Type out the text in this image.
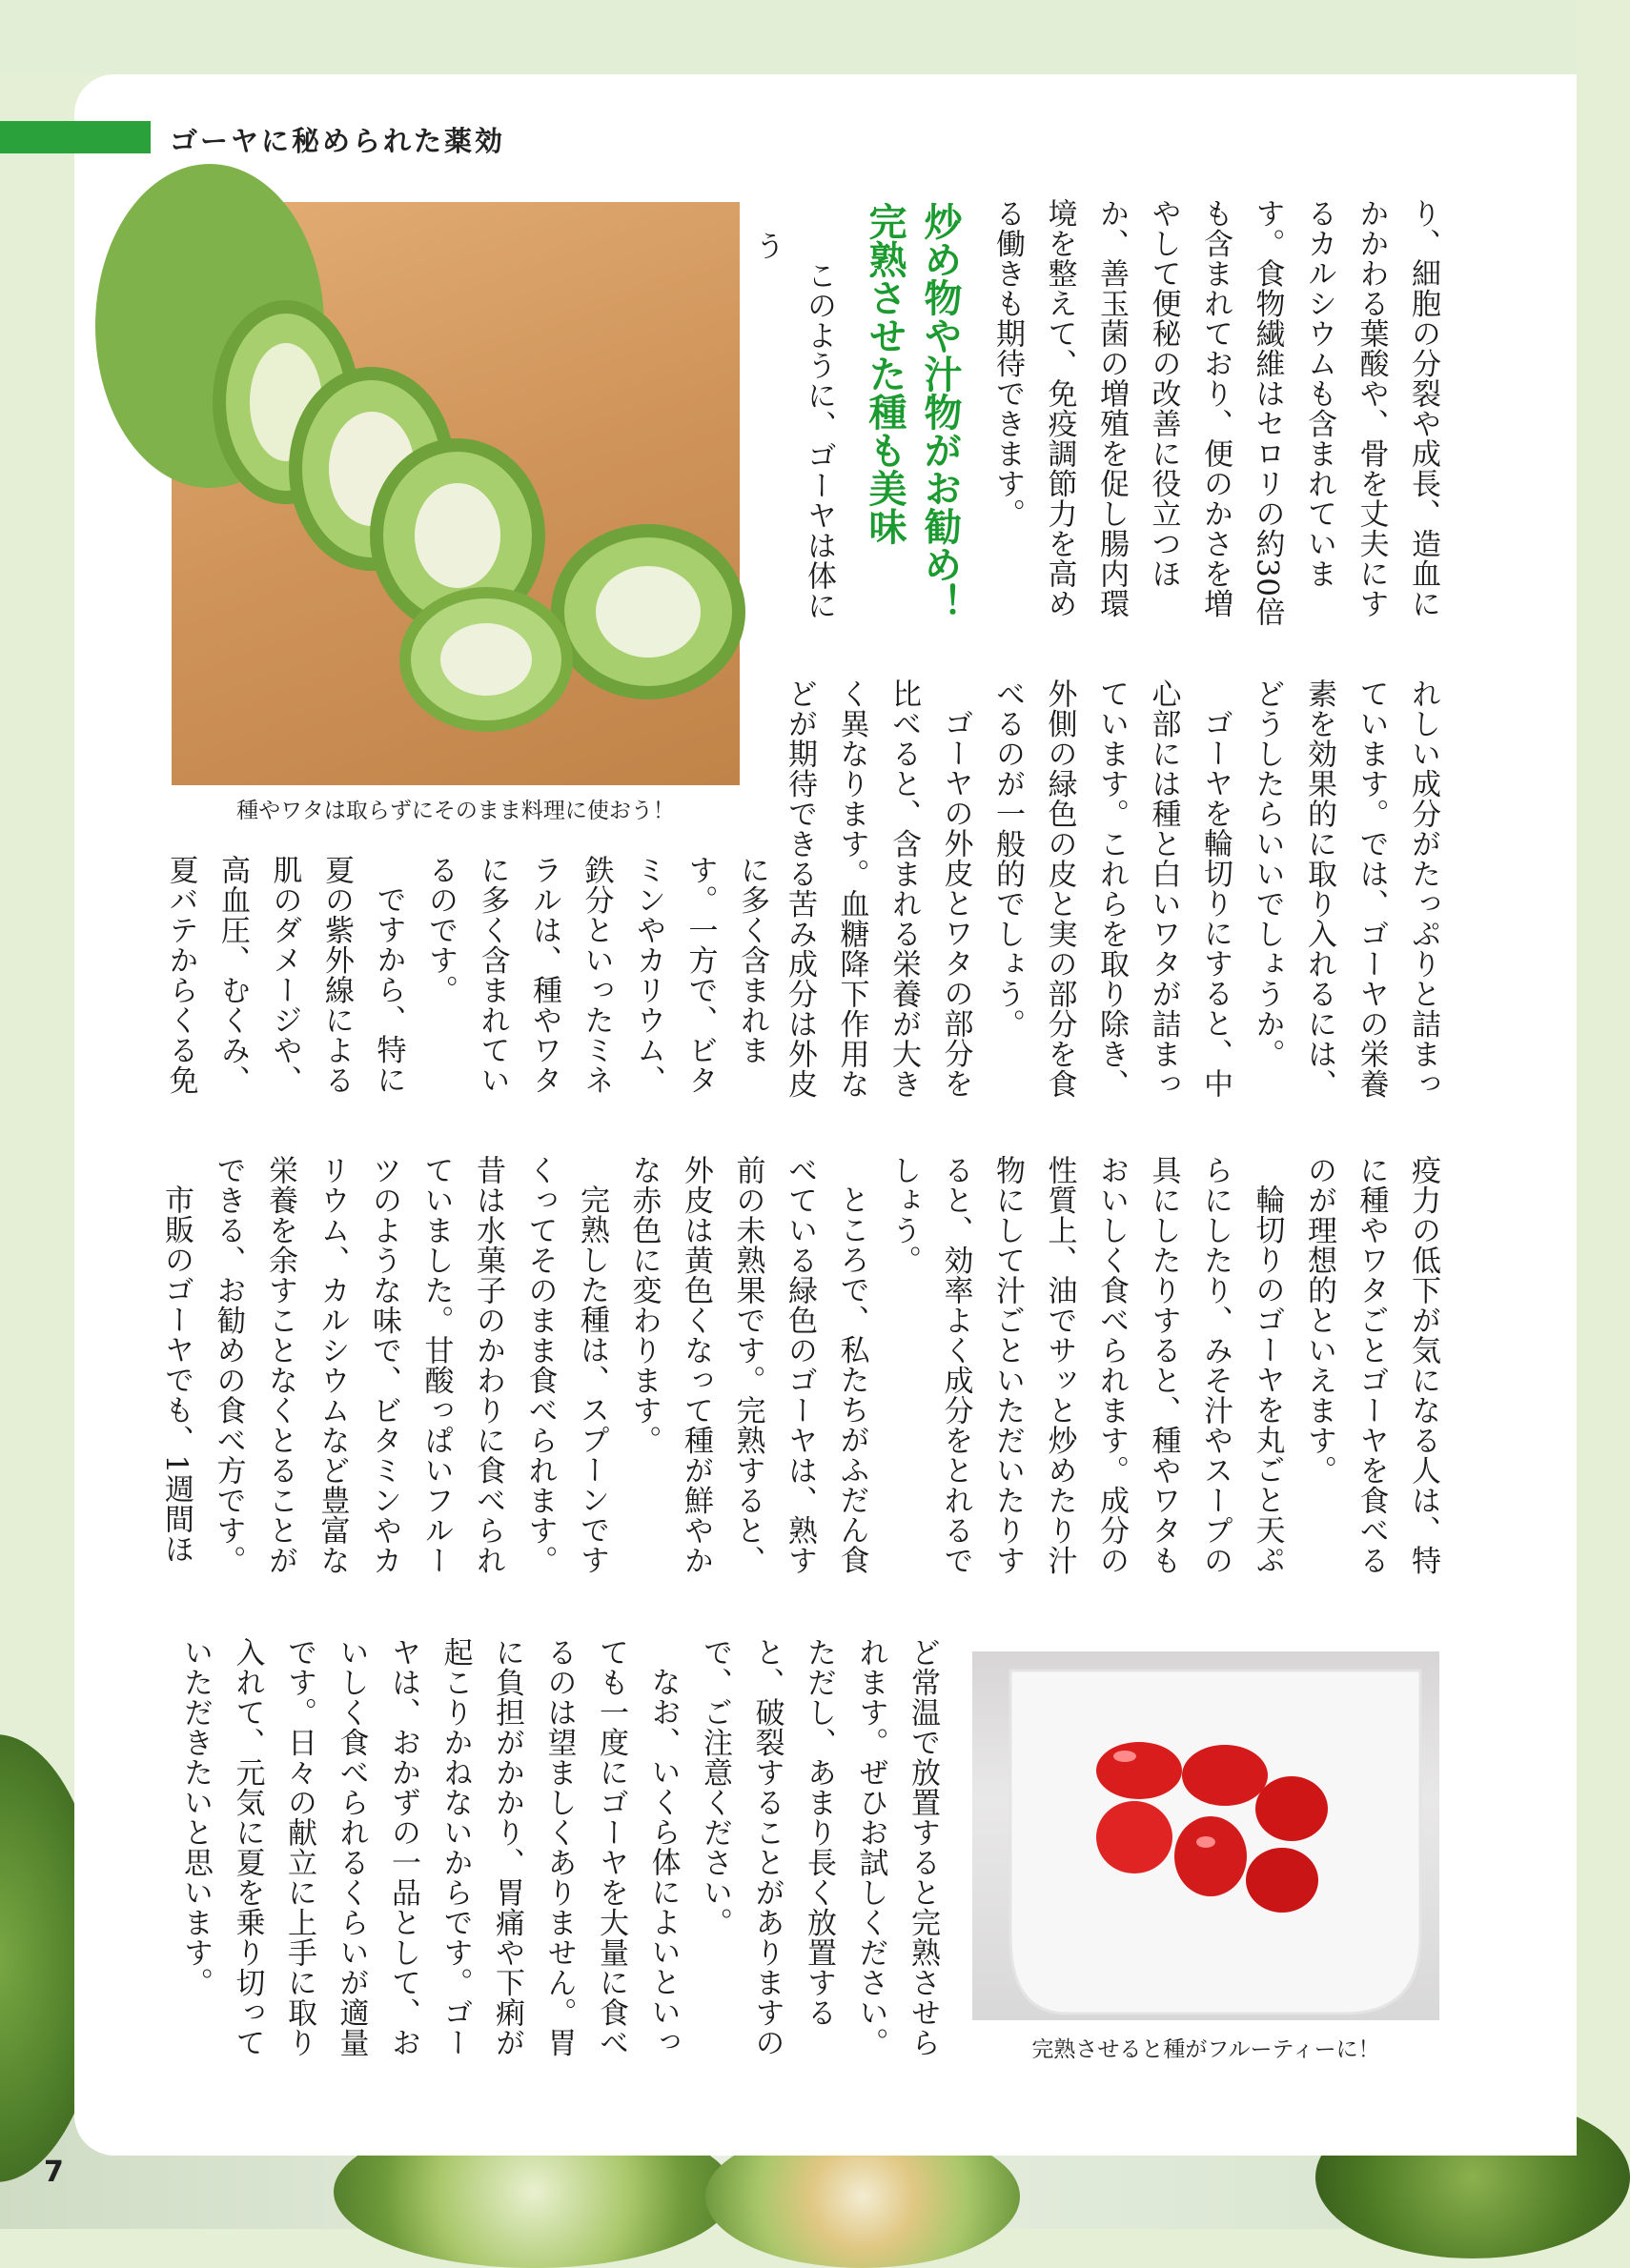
ゴーヤに秘められた薬効

り、細胞の分裂や成長、造血にかかわる葉酸や、骨を丈夫にするカルシウムも含まれています。食物繊維はセロリの約30倍も含まれており、便のかさを増やして便秘の改善に役立つほか、善玉菌の増殖を促し腸内環境を整えて、免疫調節力を高める働きも期待できます。

炒め物や汁物がお勧め！
完熟させた種も美味

このように、ゴーヤは体にう

種やワタは取らずにそのまま料理に使おう！	れしい成分がたっぷりと詰まっています。では、ゴーヤの栄養素を効果的に取り入れるには、どうしたらいいでしょうか。

ゴーヤを輪切りにすると、中心部には種と白いワタが詰まっています。これらを取り除き、外側の緑色の皮と実の部分を食べるのが一般的でしょう。

ゴーヤの外皮とワタの部分を比べると、含まれる栄養が大きく異なります。血糖降下作用などが期待できる苦み成分は外皮

に多く含まれます。一方で、ビタミンやカリウム、鉄分といったミネラルは、種やワタに多く含まれているのです。

ですから、特に夏の紫外線による肌のダメージや、高血圧、むくみ、夏バテからくる免

疫力の低下が気になる人は、特に種やワタごとゴーヤを食べるのが理想的といえます。

輪切りのゴーヤを丸ごと天ぷらにしたり、みそ汁やスープの具にしたりすると、種やワタもおいしく食べられます。成分の性質上、油でサッと炒めたり汁物にして汁ごといただいたりすると、効率よく成分をとれるでしょう。

ところで、私たちがふだん食べている緑色のゴーヤは、熟す前の未熟果です。完熟すると、外皮は黄色くなって種が鮮やかな赤色に変わります。

完熟した種は、スプーンですくってそのまま食べられます。昔は水菓子のかわりに食べられていました。甘酸っぱいフルーツのような味で、ビタミンやカリウム、カルシウムなど豊富な栄養を余すことなくとることができる、お勧めの食べ方です。

市販のゴーヤでも、1週間ほ

ど常温で放置すると完熟させられます。ぜひお試しください。ただし、あまり長く放置すると、破裂することがありますので、ご注意ください。

なお、いくら体によいといっても一度にゴーヤを大量に食べるのは望ましくありません。胃に負担がかかり、胃痛や下痢が起こりかねないからです。ゴーヤは、おかずの一品として、おいしく食べられるくらいが適量です。日々の献立に上手に取り入れて、元気に夏を乗り切っていただきたいと思います。

完熟させると種がフルーティーに！
7
